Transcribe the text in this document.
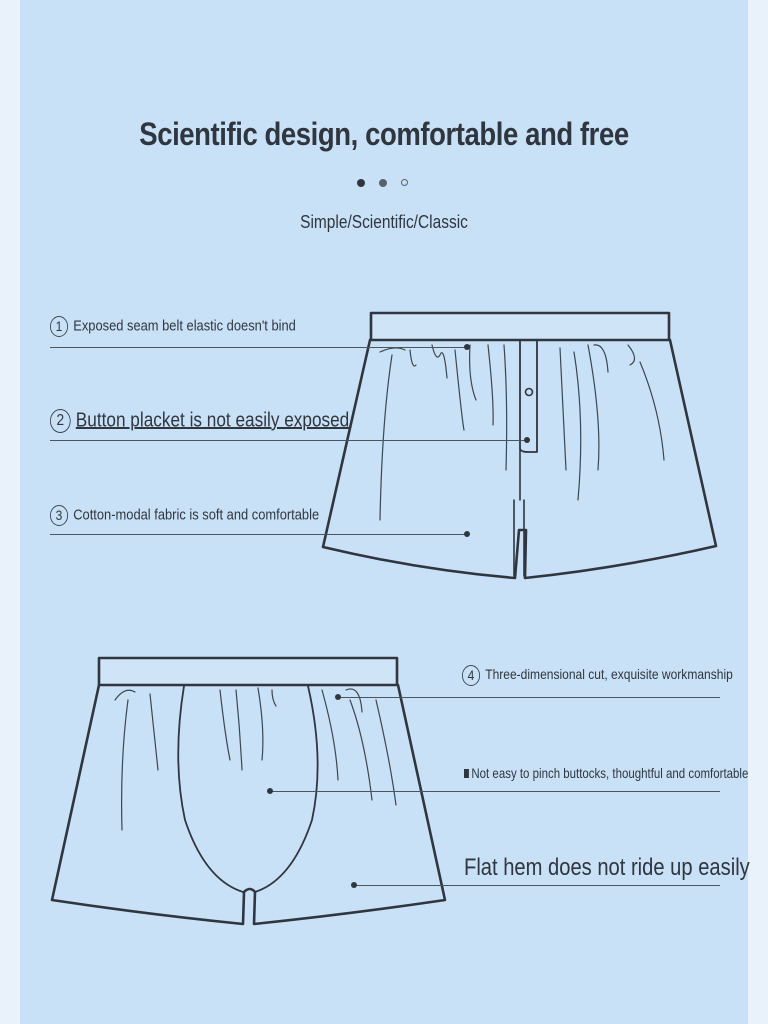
Scientific design, comfortable and free
Simple/Scientific/Classic
1 Exposed seam belt elastic doesn't bind
2 Button placket is not easily exposed
3 Cotton-modal fabric is soft and comfortable
4 Three-dimensional cut, exquisite workmanship
Not easy to pinch buttocks, thoughtful and comfortable
Flat hem does not ride up easily
